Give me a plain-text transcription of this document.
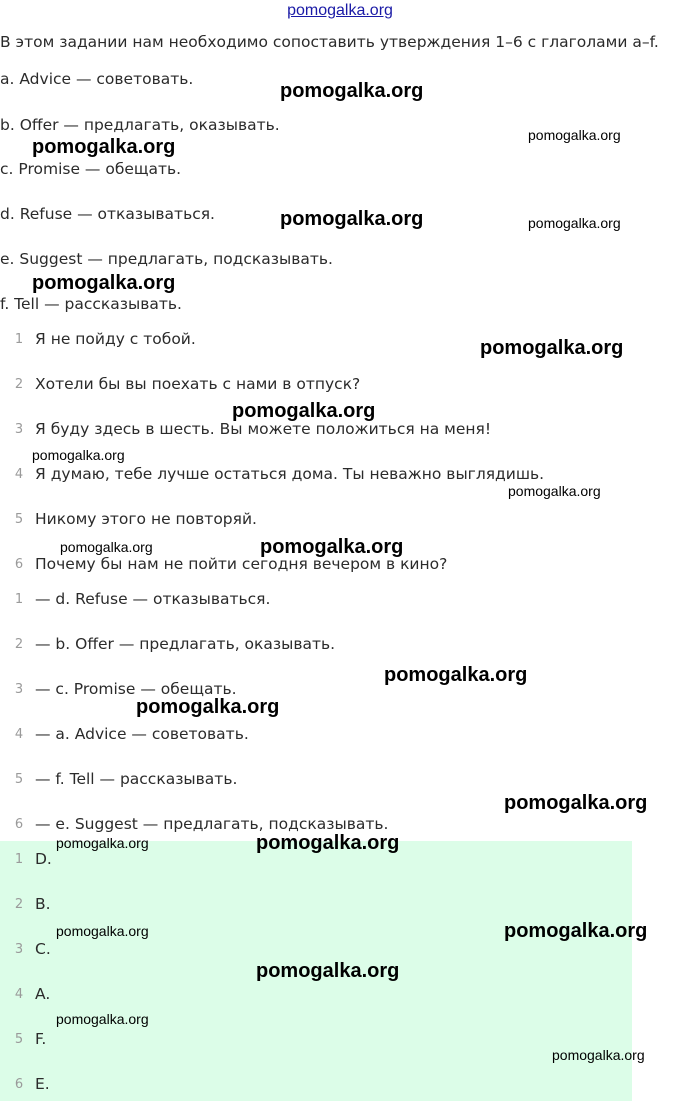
pomogalka.org
В этом задании нам необходимо сопоставить утверждения 1–6 с глаголами a–f.
a. Advice — советовать.
b. Offer — предлагать, оказывать.
c. Promise — обещать.
d. Refuse — отказываться.
e. Suggest — предлагать, подсказывать.
f. Tell — рассказывать.
1 Я не пойду с тобой.
2 Хотели бы вы поехать с нами в отпуск?
3 Я буду здесь в шесть. Вы можете положиться на меня!
4 Я думаю, тебе лучше остаться дома. Ты неважно выглядишь.
5 Никому этого не повторяй.
6 Почему бы нам не пойти сегодня вечером в кино?
1 — d. Refuse — отказываться.
2 — b. Offer — предлагать, оказывать.
3 — c. Promise — обещать.
4 — a. Advice — советовать.
5 — f. Tell — рассказывать.
6 — e. Suggest — предлагать, подсказывать.
1 D.
2 B.
3 C.
4 A.
5 F.
6 E.
pomogalka.org
pomogalka.org
pomogalka.org
pomogalka.org	pomogalka.org
pomogalka.org
pomogalka.org
pomogalka.org
pomogalka.org
pomogalka.org
pomogalka.org	pomogalka.org
pomogalka.org
pomogalka.org
pomogalka.org
pomogalka.org	pomogalka.org
pomogalka.org	pomogalka.org
pomogalka.org
pomogalka.org
pomogalka.org
